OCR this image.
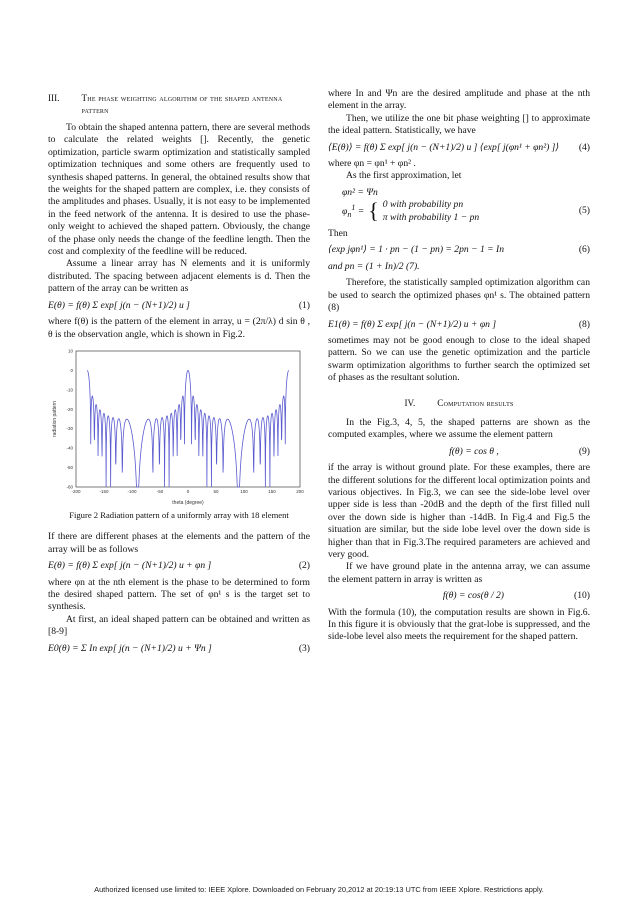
III. The phase weighting algorithm of the shaped antenna pattern

To obtain the shaped antenna pattern, there are several methods to calculate the related weights []. Recently, the genetic optimization, particle swarm optimization and statistically sampled optimization techniques and some others are frequently used to synthesis shaped patterns. In general, the obtained results show that the weights for the shaped pattern are complex, i.e. they consists of the amplitudes and phases. Usually, it is not easy to be implemented in the feed network of the antenna. It is desired to use the phase-only weight to achieved the shaped pattern. Obviously, the change of the phase only needs the change of the feedline length. Then the cost and complexity of the feedline will be reduced.

Assume a linear array has N elements and it is uniformly distributed. The spacing between adjacent elements is d. Then the pattern of the array can be written as

E(θ) = f(θ) Σ exp[ j(n − (N+1)/2) u ]	(1)

where f(θ) is the pattern of the element in array, u = (2π/λ) d sin θ , θ is the observation angle, which is shown in Fig.2.

radiation pattern
theta (degree)
-200	-150	-100	-50	0	50	100	150	200
10
0
-10
-20
-30
-40
-50
-60
Figure 2 Radiation pattern of a uniformly array with 18 element

If there are different phases at the elements and the pattern of the array will be as follows

E(θ) = f(θ) Σ exp[ j(n − (N+1)/2) u + φn ]	(2)

where φn at the nth element is the phase to be determined to form the desired shaped pattern. The set of φn¹ s is the target set to synthesis.

At first, an ideal shaped pattern can be obtained and written as [8-9]

E0(θ) = Σ In exp[ j(n − (N+1)/2) u + Ψn ]	(3)

where In and Ψn are the desired amplitude and phase at the nth element in the array.

Then, we utilize the one bit phase weighting [] to approximate the ideal pattern. Statistically, we have

⟨E(θ)⟩ = f(θ) Σ exp[ j(n − (N+1)/2) u ] ⟨exp[ j(φn¹ + φn²) ]⟩ (4)

where φn = φn¹ + φn² .

As the first approximation, let

φn² = Ψn
$\varphi_n^1$ = { 0 with probability pn
π with probability 1 − pn
(5)

Then

⟨exp jφn¹⟩ = 1 · pn − (1 − pn) = 2pn − 1 = In	(6)

and pn = (1 + In)/2 (7).

Therefore, the statistically sampled optimization algorithm can be used to search the optimized phases φn¹ s. The obtained pattern (8)

E1(θ) = f(θ) Σ exp[ j(n − (N+1)/2) u + φn ]	(8)

sometimes may not be good enough to close to the ideal shaped pattern. So we can use the genetic optimization and the particle swarm optimization algorithms to further search the optimized set of phases as the resultant solution.

IV. Computation results

In the Fig.3, 4, 5, the shaped patterns are shown as the computed examples, where we assume the element pattern

f(θ) = cos θ ,	(9)

if the array is without ground plate. For these examples, there are the different solutions for the different local optimization points and various objectives. In Fig.3, we can see the side-lobe level over upper side is less than -20dB and the depth of the first filled null over the down side is higher than -14dB. In Fig.4 and Fig.5 the situation are similar, but the side lobe level over the down side is higher than that in Fig.3.The required parameters are achieved and very good.

If we have ground plate in the antenna array, we can assume the element pattern in array is written as

f(θ) = cos(θ / 2)	(10)

With the formula (10), the computation results are shown in Fig.6. In this figure it is obviously that the grat-lobe is suppressed, and the side-lobe level also meets the requirement for the shaped pattern.

Authorized licensed use limited to: IEEE Xplore. Downloaded on February 20,2012 at 20:19:13 UTC from IEEE Xplore. Restrictions apply.
